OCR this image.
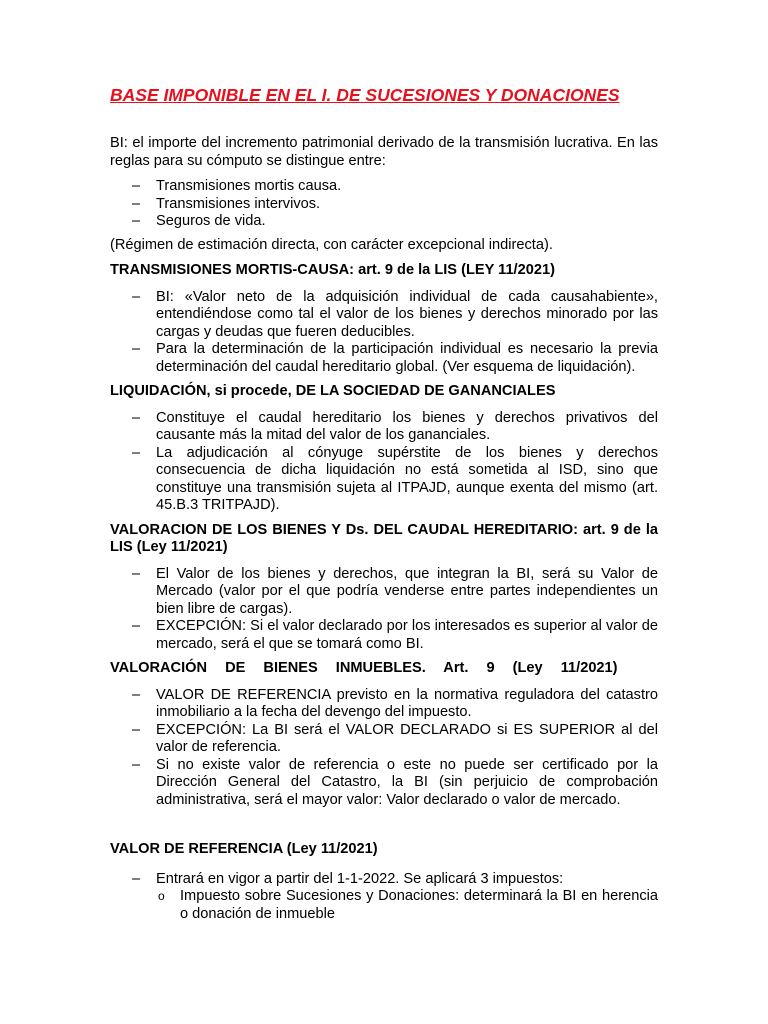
BASE IMPONIBLE EN EL I. DE SUCESIONES Y DONACIONES

BI: el importe del incremento patrimonial derivado de la transmisión lucrativa. En las reglas para su cómputo se distingue entre:

– Transmisiones mortis causa.
– Transmisiones intervivos.
– Seguros de vida.

(Régimen de estimación directa, con carácter excepcional indirecta).

TRANSMISIONES MORTIS-CAUSA: art. 9 de la LIS (LEY 11/2021)
– BI: «Valor neto de la adquisición individual de cada causahabiente», entendiéndose como tal el valor de los bienes y derechos minorado por las cargas y deudas que fueren deducibles.
– Para la determinación de la participación individual es necesario la previa determinación del caudal hereditario global. (Ver esquema de liquidación).
LIQUIDACIÓN, si procede, DE LA SOCIEDAD DE GANANCIALES
– Constituye el caudal hereditario los bienes y derechos privativos del causante más la mitad del valor de los gananciales.
– La adjudicación al cónyuge supérstite de los bienes y derechos consecuencia de dicha liquidación no está sometida al ISD, sino que constituye una transmisión sujeta al ITPAJD, aunque exenta del mismo (art. 45.B.3 TRITPAJD).
VALORACION DE LOS BIENES Y Ds. DEL CAUDAL HEREDITARIO: art. 9 de la LIS (Ley 11/2021)
– El Valor de los bienes y derechos, que integran la BI, será su Valor de Mercado (valor por el que podría venderse entre partes independientes un bien libre de cargas).
– EXCEPCIÓN: Si el valor declarado por los interesados es superior al valor de mercado, será el que se tomará como BI.
VALORACIÓN DE BIENES INMUEBLES. Art. 9 (Ley 11/2021)
– VALOR DE REFERENCIA previsto en la normativa reguladora del catastro inmobiliario a la fecha del devengo del impuesto.
– EXCEPCIÓN: La BI será el VALOR DECLARADO si ES SUPERIOR al del valor de referencia.
– Si no existe valor de referencia o este no puede ser certificado por la Dirección General del Catastro, la BI (sin perjuicio de comprobación administrativa, será el mayor valor: Valor declarado o valor de mercado.
VALOR DE REFERENCIA (Ley 11/2021)
– Entrará en vigor a partir del 1-1-2022. Se aplicará 3 impuestos:
o Impuesto sobre Sucesiones y Donaciones: determinará la BI en herencia o donación de inmueble
